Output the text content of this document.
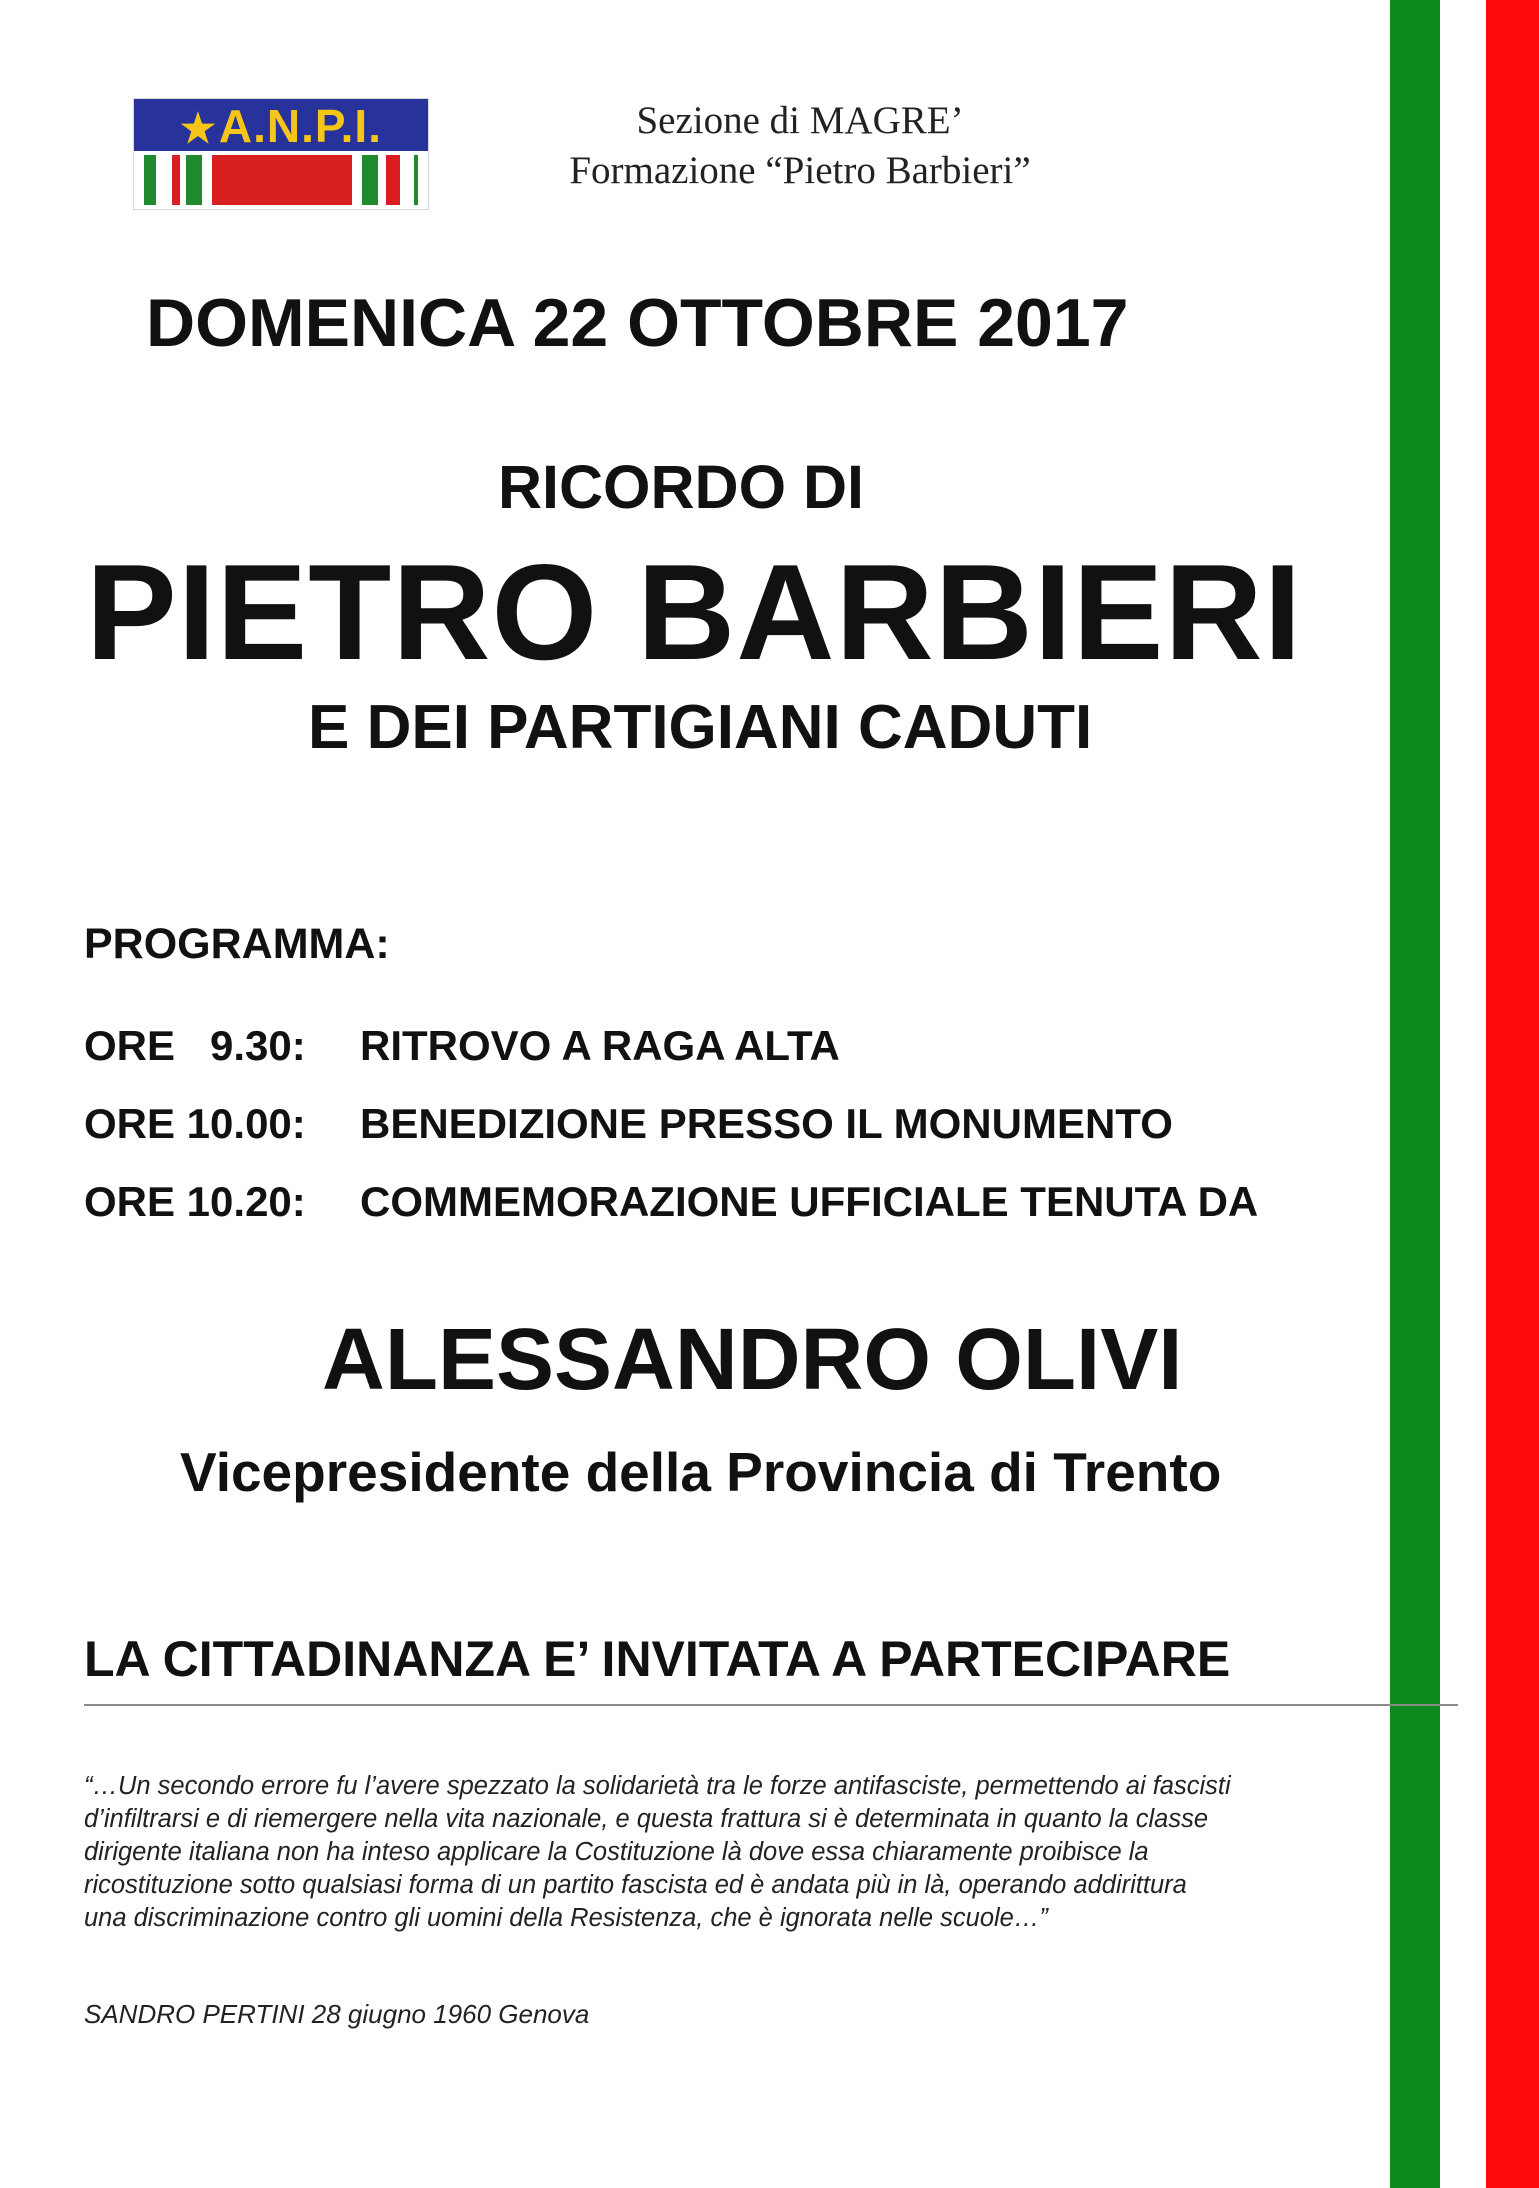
★A.N.P.I.	Sezione di MAGRE’
Formazione “Pietro Barbieri”
DOMENICA 22 OTTOBRE 2017
RICORDO DI
PIETRO BARBIERI
E DEI PARTIGIANI CADUTI
PROGRAMMA:
ORE   9.30: RITROVO A RAGA ALTA
ORE 10.00: BENEDIZIONE PRESSO IL MONUMENTO
ORE 10.20: COMMEMORAZIONE UFFICIALE TENUTA DA
ALESSANDRO OLIVI
Vicepresidente della Provincia di Trento
LA CITTADINANZA E’ INVITATA A PARTECIPARE
“…Un secondo errore fu l’avere spezzato la solidarietà tra le forze antifasciste, permettendo ai fascisti
d’infiltrarsi e di riemergere nella vita nazionale, e questa frattura si è determinata in quanto la classe
dirigente italiana non ha inteso applicare la Costituzione là dove essa chiaramente proibisce la
ricostituzione sotto qualsiasi forma di un partito fascista ed è andata più in là, operando addirittura
una discriminazione contro gli uomini della Resistenza, che è ignorata nelle scuole…”
SANDRO PERTINI 28 giugno 1960 Genova
